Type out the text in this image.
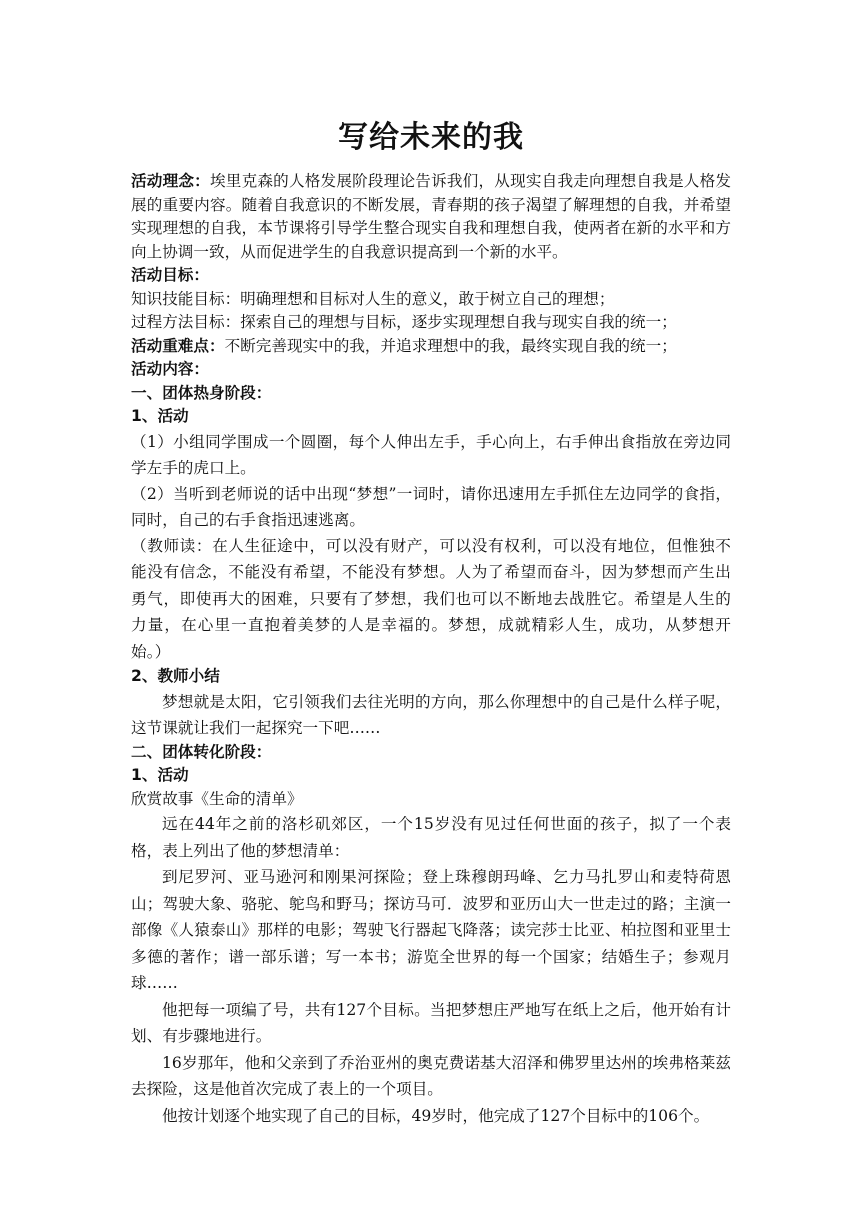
写给未来的我

活动理念：埃里克森的人格发展阶段理论告诉我们，从现实自我走向理想自我是人格发展的重要内容。随着自我意识的不断发展，青春期的孩子渴望了解理想的自我，并希望实现理想的自我，本节课将引导学生整合现实自我和理想自我，使两者在新的水平和方向上协调一致，从而促进学生的自我意识提高到一个新的水平。

活动目标：

知识技能目标：明确理想和目标对人生的意义，敢于树立自己的理想；

过程方法目标：探索自己的理想与目标，逐步实现理想自我与现实自我的统一；

活动重难点：不断完善现实中的我，并追求理想中的我，最终实现自我的统一；

活动内容：

一、团体热身阶段：

1、活动

（1）小组同学围成一个圆圈，每个人伸出左手，手心向上，右手伸出食指放在旁边同学左手的虎口上。

（2）当听到老师说的话中出现“梦想”一词时，请你迅速用左手抓住左边同学的食指，同时，自己的右手食指迅速逃离。

（教师读：在人生征途中，可以没有财产，可以没有权利，可以没有地位，但惟独不能没有信念，不能没有希望，不能没有梦想。人为了希望而奋斗，因为梦想而产生出勇气，即使再大的困难，只要有了梦想，我们也可以不断地去战胜它。希望是人生的力量，在心里一直抱着美梦的人是幸福的。梦想，成就精彩人生，成功，从梦想开始。）

2、教师小结

梦想就是太阳，它引领我们去往光明的方向，那么你理想中的自己是什么样子呢，这节课就让我们一起探究一下吧……

二、团体转化阶段：

1、活动

欣赏故事《生命的清单》

远在44年之前的洛杉矶郊区，一个15岁没有见过任何世面的孩子，拟了一个表格，表上列出了他的梦想清单：

到尼罗河、亚马逊河和刚果河探险；登上珠穆朗玛峰、乞力马扎罗山和麦特荷恩山；驾驶大象、骆驼、鸵鸟和野马；探访马可．波罗和亚历山大一世走过的路；主演一部像《人猿泰山》那样的电影；驾驶飞行器起飞降落；读完莎士比亚、柏拉图和亚里士多德的著作；谱一部乐谱；写一本书；游览全世界的每一个国家；结婚生子；参观月球……

他把每一项编了号，共有127个目标。当把梦想庄严地写在纸上之后，他开始有计划、有步骤地进行。

16岁那年，他和父亲到了乔治亚州的奥克费诺基大沼泽和佛罗里达州的埃弗格莱兹去探险，这是他首次完成了表上的一个项目。

他按计划逐个地实现了自己的目标，49岁时，他完成了127个目标中的106个。
